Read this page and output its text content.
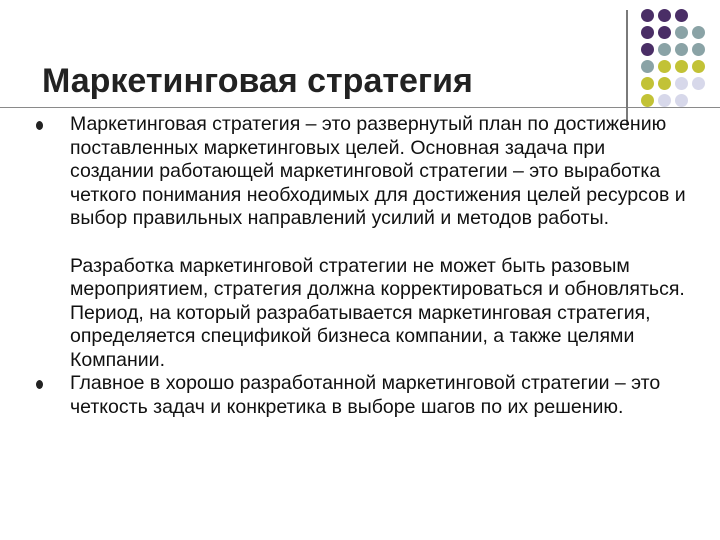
Маркетинговая стратегия
Маркетинговая стратегия – это развернутый план по достижению поставленных маркетинговых целей. Основная задача при создании работающей маркетинговой стратегии – это выработка четкого понимания необходимых для достижения целей ресурсов и выбор правильных направлений усилий и методов работы.
Разработка маркетинговой стратегии не может быть разовым мероприятием, стратегия должна корректироваться и обновляться. Период, на который разрабатывается маркетинговая стратегия, определяется спецификой бизнеса компании, а также целями Компании.
Главное в хорошо разработанной маркетинговой стратегии – это четкость задач и конкретика в выборе шагов по их решению.
